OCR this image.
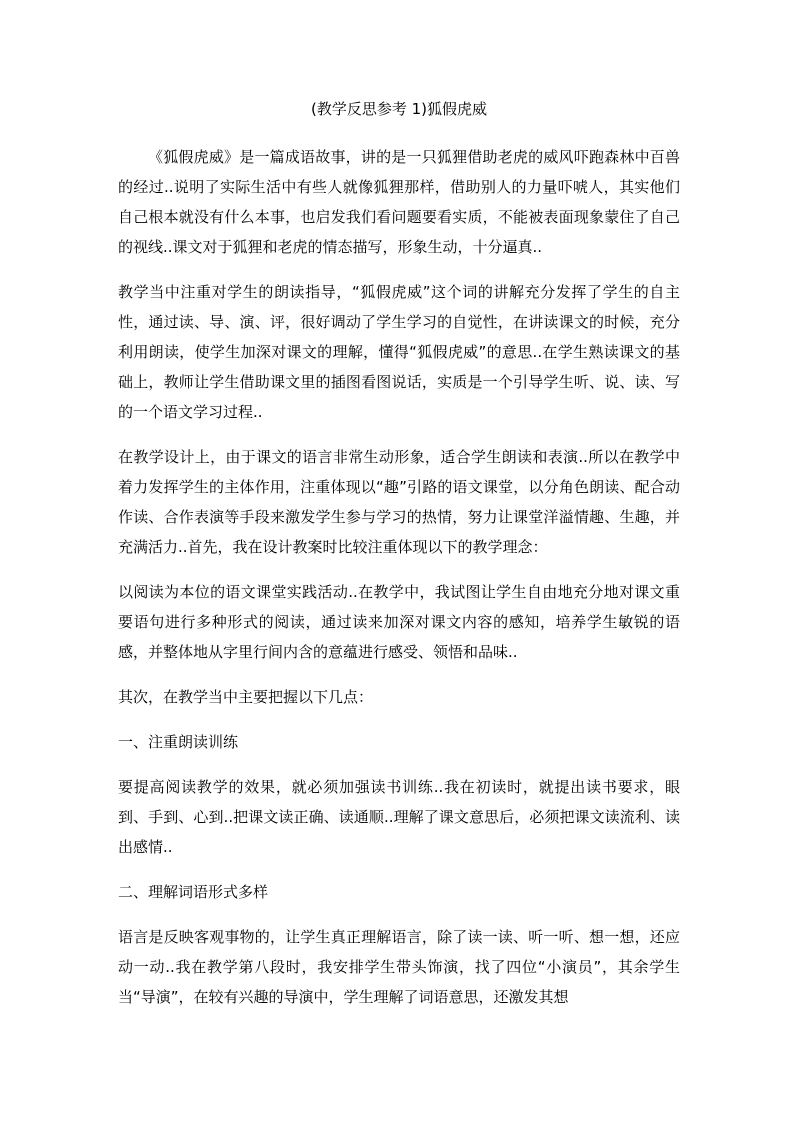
(教学反思参考 1)狐假虎威
《狐假虎威》是一篇成语故事，讲的是一只狐狸借助老虎的威风吓跑森林中百兽的经过..说明了实际生活中有些人就像狐狸那样，借助别人的力量吓唬人，其实他们自己根本就没有什么本事，也启发我们看问题要看实质，不能被表面现象蒙住了自己的视线..课文对于狐狸和老虎的情态描写，形象生动，十分逼真..
教学当中注重对学生的朗读指导，“狐假虎威”这个词的讲解充分发挥了学生的自主性，通过读、导、演、评，很好调动了学生学习的自觉性，在讲读课文的时候，充分利用朗读，使学生加深对课文的理解，懂得“狐假虎威”的意思..在学生熟读课文的基础上，教师让学生借助课文里的插图看图说话，实质是一个引导学生听、说、读、写的一个语文学习过程..
在教学设计上，由于课文的语言非常生动形象，适合学生朗读和表演..所以在教学中着力发挥学生的主体作用，注重体现以“趣”引路的语文课堂，以分角色朗读、配合动作读、合作表演等手段来激发学生参与学习的热情，努力让课堂洋溢情趣、生趣，并充满活力..首先，我在设计教案时比较注重体现以下的教学理念：
以阅读为本位的语文课堂实践活动..在教学中，我试图让学生自由地充分地对课文重要语句进行多种形式的阅读，通过读来加深对课文内容的感知，培养学生敏锐的语感，并整体地从字里行间内含的意蕴进行感受、领悟和品味..
其次，在教学当中主要把握以下几点：
一、注重朗读训练
要提高阅读教学的效果，就必须加强读书训练..我在初读时，就提出读书要求，眼到、手到、心到..把课文读正确、读通顺..理解了课文意思后，必须把课文读流利、读出感情..
二、理解词语形式多样
语言是反映客观事物的，让学生真正理解语言，除了读一读、听一听、想一想，还应动一动..我在教学第八段时，我安排学生带头饰演，找了四位“小演员”，其余学生当“导演”，在较有兴趣的导演中，学生理解了词语意思，还激发其想
